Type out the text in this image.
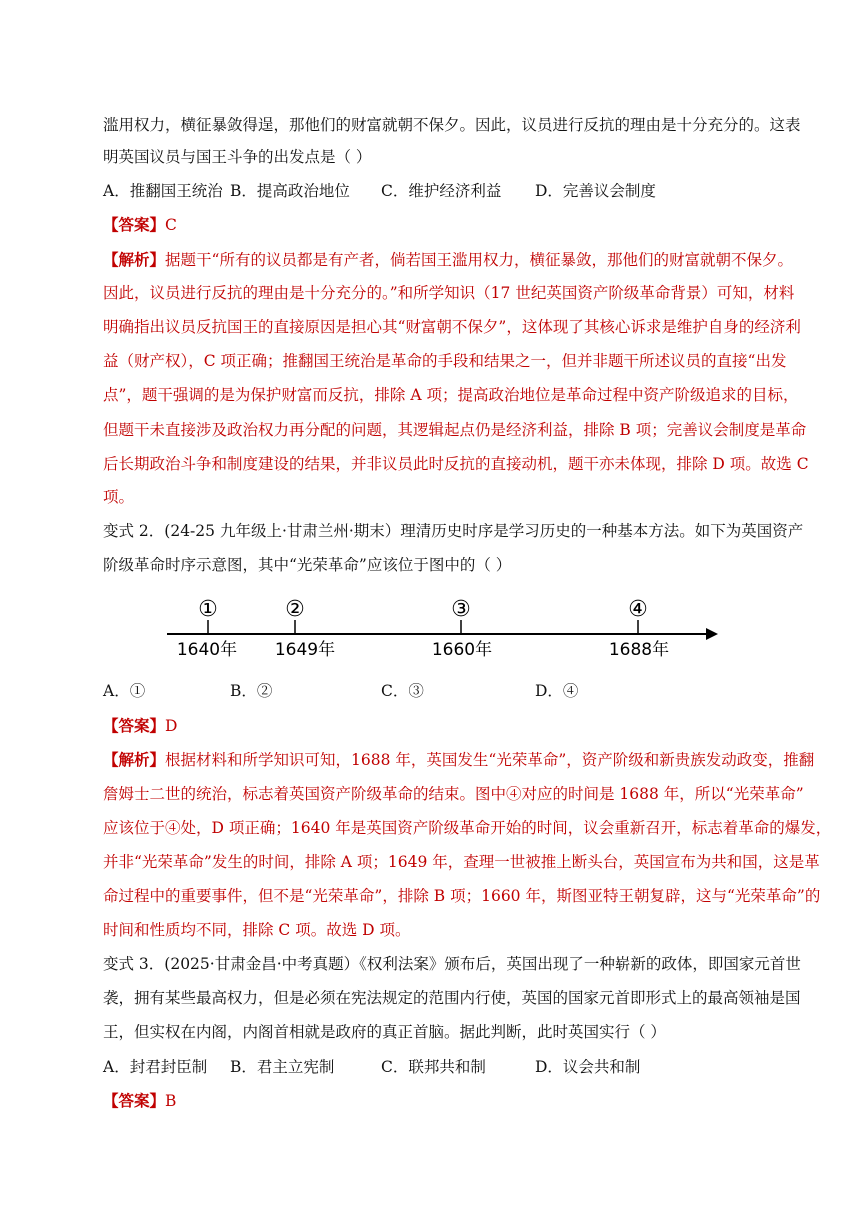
滥用权力，横征暴敛得逞，那他们的财富就朝不保夕。因此，议员进行反抗的理由是十分充分的。这表
明英国议员与国王斗争的出发点是（ ）
A．推翻国王统治 B．提高政治地位 C．维护经济利益 D．完善议会制度
【答案】C
【解析】据题干“所有的议员都是有产者，倘若国王滥用权力，横征暴敛，那他们的财富就朝不保夕。
因此，议员进行反抗的理由是十分充分的。”和所学知识（17 世纪英国资产阶级革命背景）可知，材料
明确指出议员反抗国王的直接原因是担心其“财富朝不保夕”，这体现了其核心诉求是维护自身的经济利
益（财产权），C 项正确；推翻国王统治是革命的手段和结果之一，但并非题干所述议员的直接“出发
点”，题干强调的是为保护财富而反抗，排除 A 项；提高政治地位是革命过程中资产阶级追求的目标，
但题干未直接涉及政治权力再分配的问题，其逻辑起点仍是经济利益，排除 B 项；完善议会制度是革命
后长期政治斗争和制度建设的结果，并非议员此时反抗的直接动机，题干亦未体现，排除 D 项。故选 C
项。
变式 2．(24-25 九年级上·甘肃兰州·期末）理清历史时序是学习历史的一种基本方法。如下为英国资产
阶级革命时序示意图，其中“光荣革命”应该位于图中的（ ）
①	②	③	④
1640年 1649年	1660年	1688年
A．①	B．②	C．③	D．④
【答案】D
【解析】根据材料和所学知识可知，1688 年，英国发生“光荣革命”，资产阶级和新贵族发动政变，推翻
詹姆士二世的统治，标志着英国资产阶级革命的结束。图中④对应的时间是 1688 年，所以“光荣革命”
应该位于④处，D 项正确；1640 年是英国资产阶级革命开始的时间，议会重新召开，标志着革命的爆发，
并非“光荣革命”发生的时间，排除 A 项；1649 年，查理一世被推上断头台，英国宣布为共和国，这是革
命过程中的重要事件，但不是“光荣革命”，排除 B 项；1660 年，斯图亚特王朝复辟，这与“光荣革命”的
时间和性质均不同，排除 C 项。故选 D 项。
变式 3．(2025·甘肃金昌·中考真题）《权利法案》颁布后，英国出现了一种崭新的政体，即国家元首世
袭，拥有某些最高权力，但是必须在宪法规定的范围内行使，英国的国家元首即形式上的最高领袖是国
王，但实权在内阁，内阁首相就是政府的真正首脑。据此判断，此时英国实行（ ）
A．封君封臣制 B．君主立宪制	C．联邦共和制	D．议会共和制
【答案】B
